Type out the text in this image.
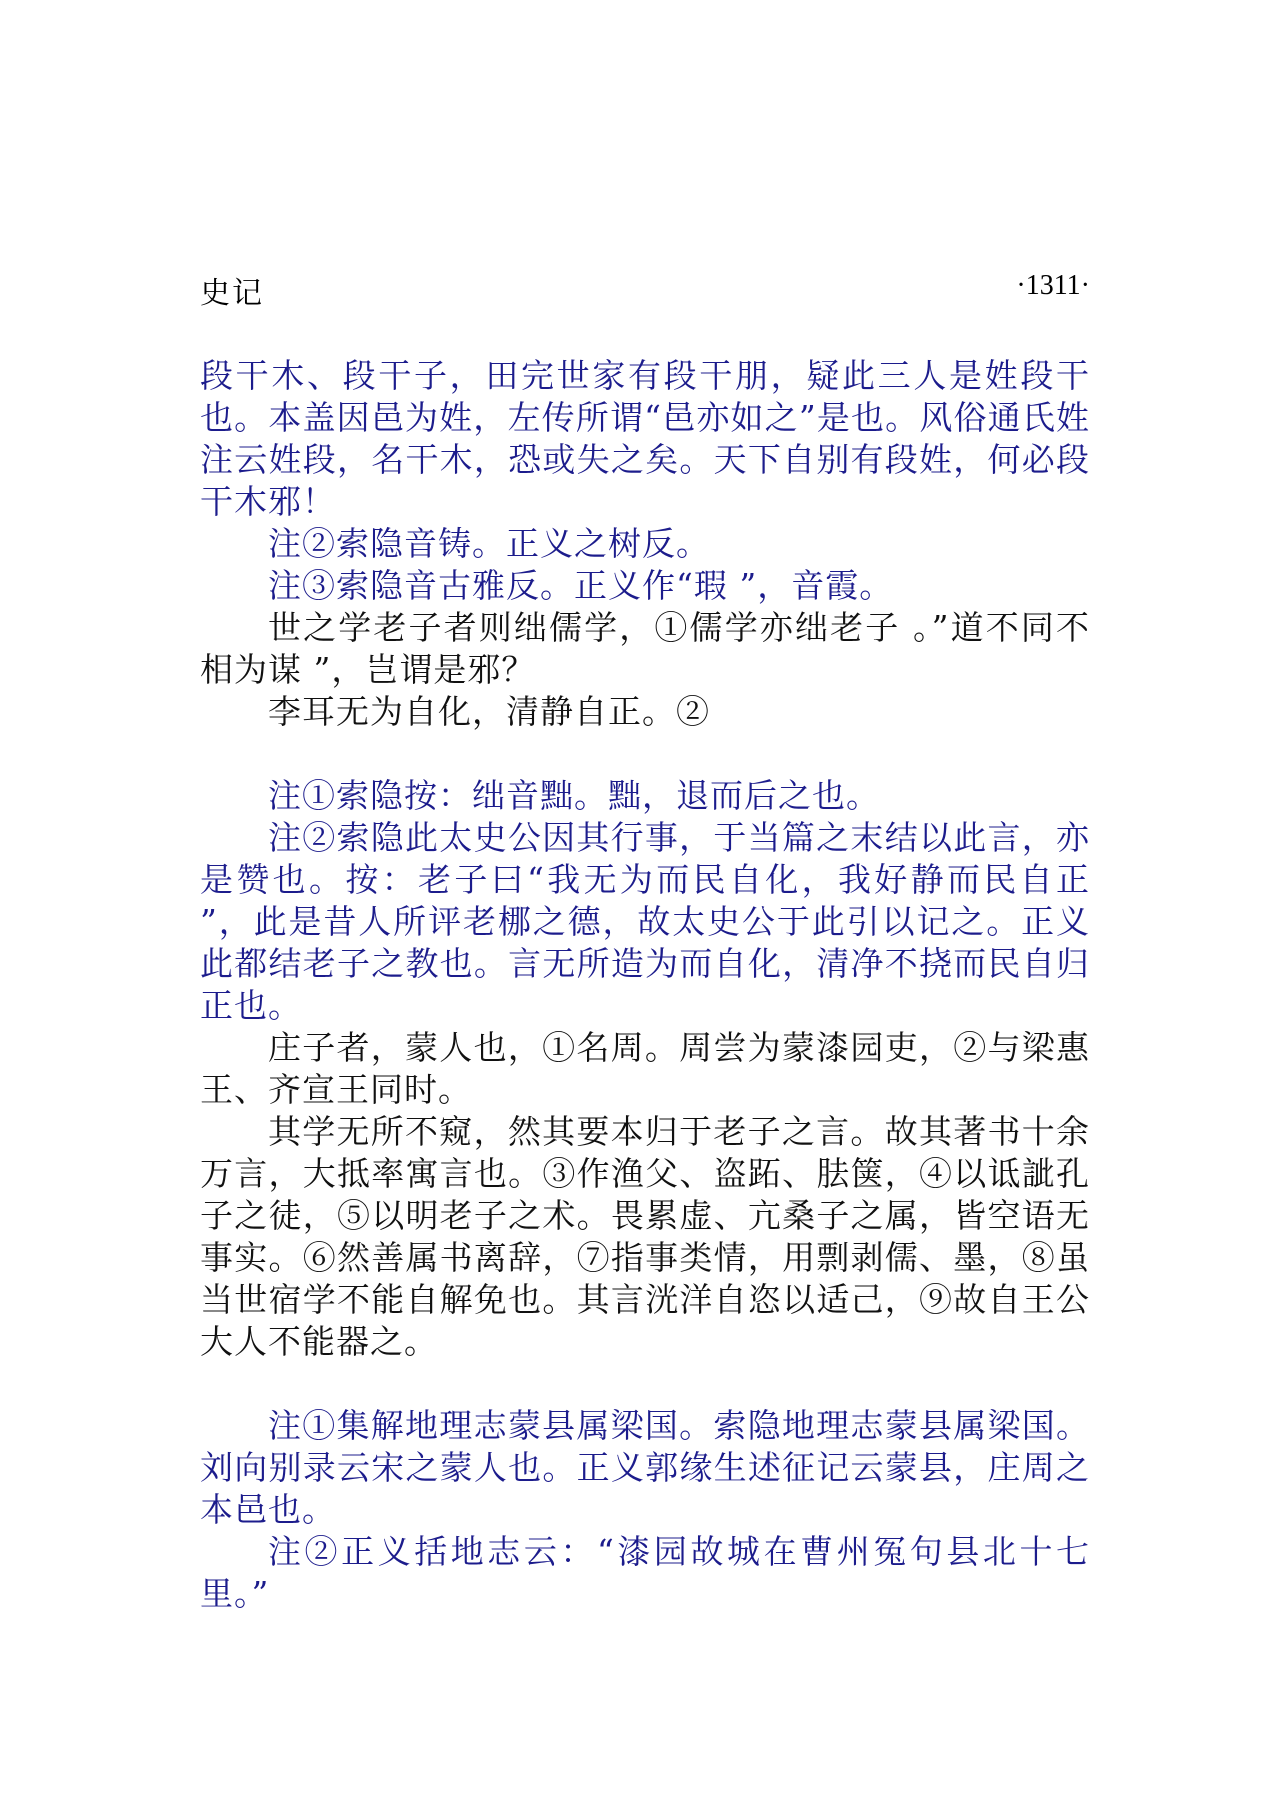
史记	·1311·

段干木、段干子，田完世家有段干朋，疑此三人是姓段干也。本盖因邑为姓，左传所谓“邑亦如之”是也。风俗通氏姓注云姓段，名干木，恐或失之矣。天下自别有段姓，何必段干木邪！

注②索隐音铸。正义之树反。

注③索隐音古雅反。正义作“瑕 ”，音霞。

世之学老子者则绌儒学，①儒学亦绌老子 。”道不同不相为谋 ”，岂谓是邪？

李耳无为自化，清静自正。②

注①索隐按：绌音黜。黜，退而后之也。

注②索隐此太史公因其行事，于当篇之末结以此言，亦是赞也。按：老子曰“我无为而民自化，我好静而民自正 ”，此是昔人所评老梛之德，故太史公于此引以记之。正义此都结老子之教也。言无所造为而自化，清净不挠而民自归正也。

庄子者，蒙人也，①名周。周尝为蒙漆园吏，②与梁惠王、齐宣王同时。

其学无所不窥，然其要本归于老子之言。故其著书十余万言，大抵率寓言也。③作渔父、盗跖、胠箧，④以诋訿孔子之徒，⑤以明老子之术。畏累虚、亢桑子之属，皆空语无事实。⑥然善属书离辞，⑦指事类情，用剽剥儒、墨，⑧虽当世宿学不能自解免也。其言洸洋自恣以适己，⑨故自王公大人不能器之。

注①集解地理志蒙县属梁国。索隐地理志蒙县属梁国。刘向别录云宋之蒙人也。正义郭缘生述征记云蒙县，庄周之本邑也。

注②正义括地志云：“漆园故城在曹州冤句县北十七里。”
